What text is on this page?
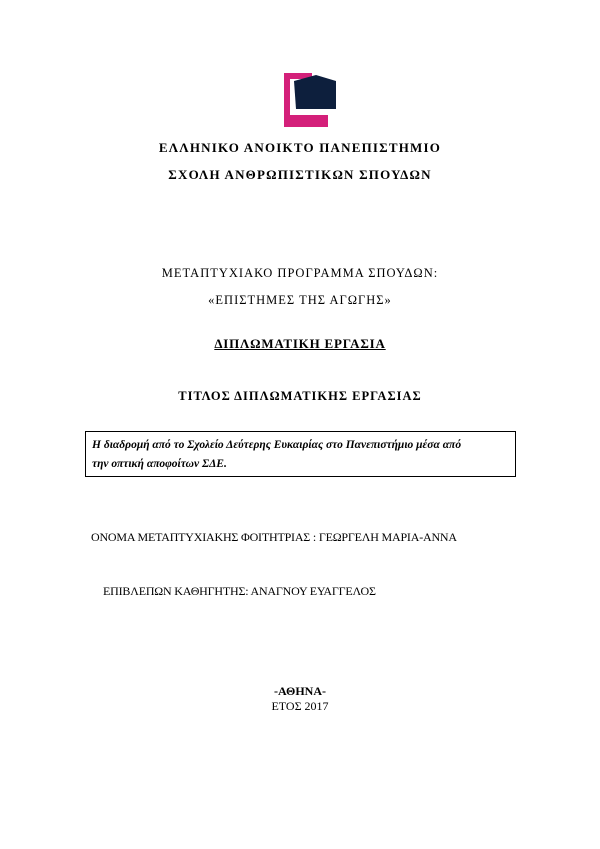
ΕΛΛΗΝΙΚΟ ΑΝΟΙΚΤΟ ΠΑΝΕΠΙΣΤΗΜΙΟ
ΣΧΟΛΗ ΑΝΘΡΩΠΙΣΤΙΚΩΝ ΣΠΟΥΔΩΝ
ΜΕΤΑΠΤΥΧΙΑΚΟ ΠΡΟΓΡΑΜΜΑ ΣΠΟΥΔΩΝ:
«ΕΠΙΣΤΗΜΕΣ ΤΗΣ ΑΓΩΓΗΣ»
ΔΙΠΛΩΜΑΤΙΚΗ ΕΡΓΑΣΙΑ
ΤΙΤΛΟΣ ΔΙΠΛΩΜΑΤΙΚΗΣ ΕΡΓΑΣΙΑΣ
Η διαδρομή από το Σχολείο Δεύτερης Ευκαιρίας στο Πανεπιστήμιο μέσα από
την οπτική αποφοίτων ΣΔΕ.
ΟΝΟΜΑ ΜΕΤΑΠΤΥΧΙΑΚΗΣ ΦΟΙΤΗΤΡΙΑΣ : ΓΕΩΡΓΕΛΗ ΜΑΡΙΑ-ΑΝΝΑ
ΕΠΙΒΛΕΠΩΝ ΚΑΘΗΓΗΤΗΣ: ΑΝΑΓΝΟΥ ΕΥΑΓΓΕΛΟΣ
-ΑΘΗΝΑ-
ΕΤΟΣ 2017
